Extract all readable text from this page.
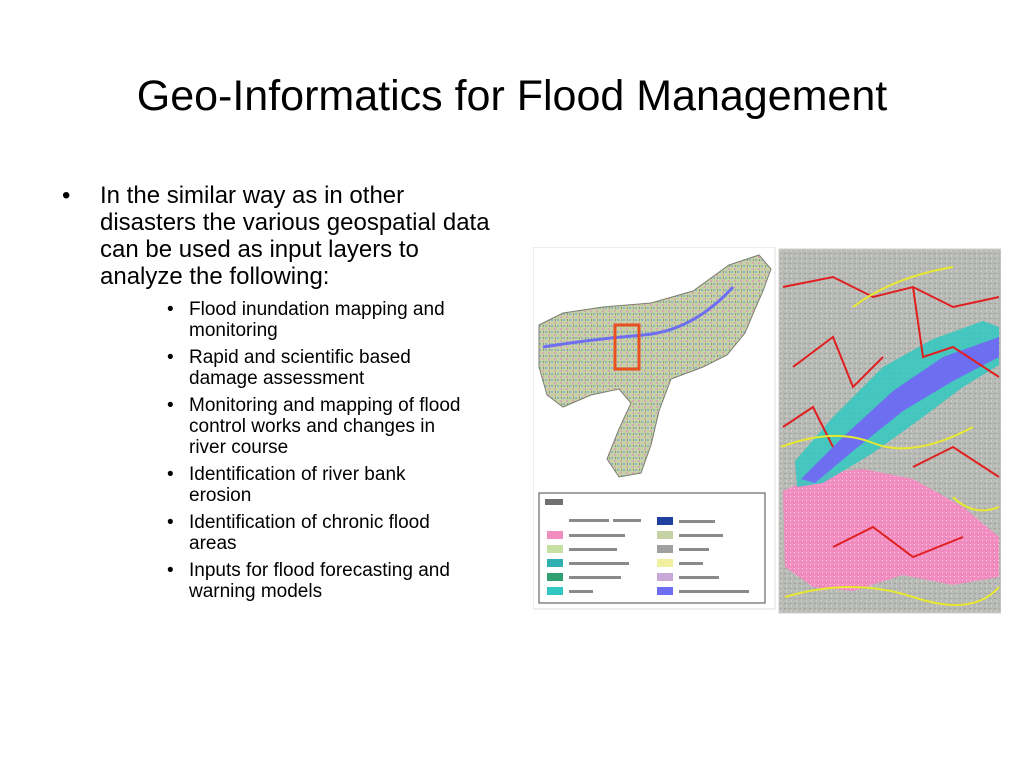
Geo-Informatics for Flood Management
• In the similar way as in other disasters the various geospatial data can be used as input layers to analyze the following:
• Flood inundation mapping and monitoring
• Rapid and scientific based damage assessment
• Monitoring and mapping of flood control works and changes in river course
• Identification of river bank erosion
• Identification of chronic flood areas
• Inputs for flood forecasting and warning models
